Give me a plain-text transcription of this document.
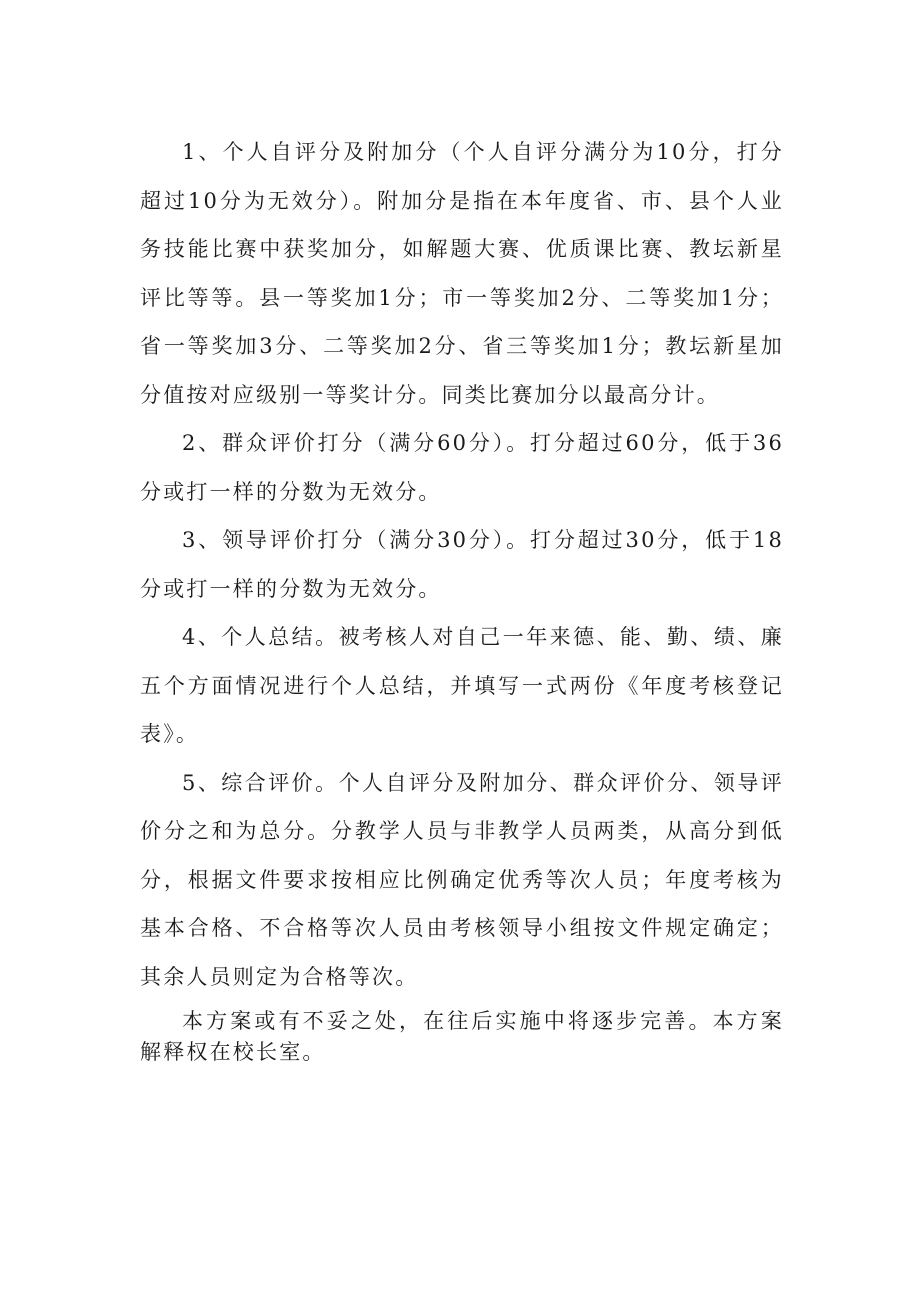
1、个人自评分及附加分（个人自评分满分为10分，打分超过10分为无效分）。附加分是指在本年度省、市、县个人业务技能比赛中获奖加分，如解题大赛、优质课比赛、教坛新星评比等等。县一等奖加1分；市一等奖加2分、二等奖加1分；省一等奖加3分、二等奖加2分、省三等奖加1分；教坛新星加分值按对应级别一等奖计分。同类比赛加分以最高分计。

2、群众评价打分（满分60分）。打分超过60分，低于36分或打一样的分数为无效分。

3、领导评价打分（满分30分）。打分超过30分，低于18分或打一样的分数为无效分。

4、个人总结。被考核人对自己一年来德、能、勤、绩、廉五个方面情况进行个人总结，并填写一式两份《年度考核登记表》。

5、综合评价。个人自评分及附加分、群众评价分、领导评价分之和为总分。分教学人员与非教学人员两类，从高分到低分，根据文件要求按相应比例确定优秀等次人员；年度考核为基本合格、不合格等次人员由考核领导小组按文件规定确定；其余人员则定为合格等次。

本方案或有不妥之处，在往后实施中将逐步完善。本方案解释权在校长室。
